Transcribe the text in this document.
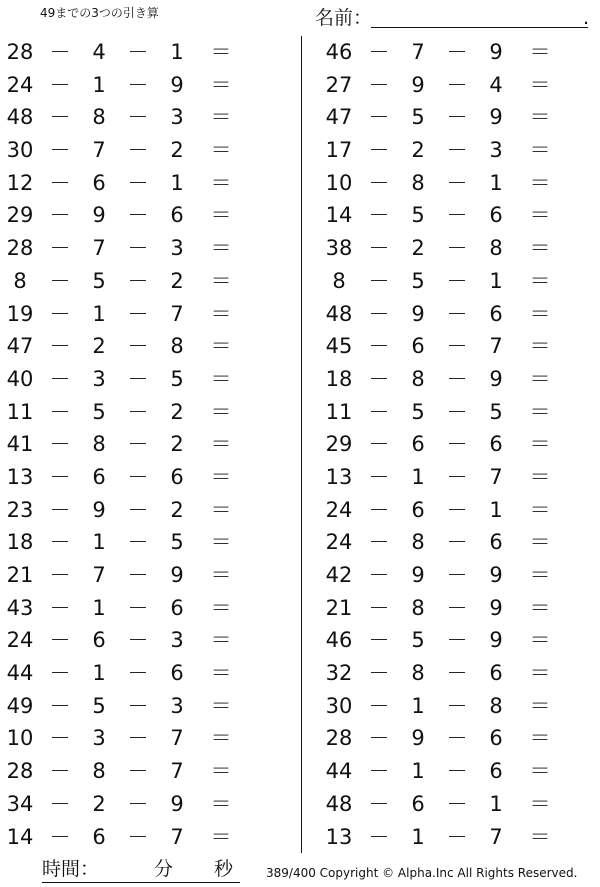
49までの3つの引き算	名前：	.
28 －	4	－	1	＝
24 －	1	－	9	＝
48 －	8	－	3	＝
30 －	7	－	2	＝
12 －	6	－	1	＝
29 －	9	－	6	＝
28 －	7	－	3	＝
8	－	5	－	2	＝
19 －	1	－	7	＝
47 －	2	－	8	＝
40 －	3	－	5	＝
11 －	5	－	2	＝
41 －	8	－	2	＝
13 －	6	－	6	＝
23 －	9	－	2	＝
18 －	1	－	5	＝
21 －	7	－	9	＝
43 －	1	－	6	＝
24 －	6	－	3	＝
44 －	1	－	6	＝
49 －	5	－	3	＝
10 －	3	－	7	＝
28 －	8	－	7	＝
34 －	2	－	9	＝
14 －	6	－	7	＝
46 －	7	－	9	＝
27 －	9	－	4	＝
47 －	5	－	9	＝
17 －	2	－	3	＝
10 －	8	－	1	＝
14 －	5	－	6	＝
38 －	2	－	8	＝
8	－	5	－	1	＝
48 －	9	－	6	＝
45 －	6	－	7	＝
18 －	8	－	9	＝
11 －	5	－	5	＝
29 －	6	－	6	＝
13 －	1	－	7	＝
24 －	6	－	1	＝
24 －	8	－	6	＝
42 －	9	－	9	＝
21 －	8	－	9	＝
46 －	5	－	9	＝
32 －	8	－	6	＝
30 －	1	－	8	＝
28 －	9	－	6	＝
44 －	1	－	6	＝
48 －	6	－	1	＝
13 －	1	－	7	＝
時間：	分 秒	389/400 Copyright © Alpha.Inc All Rights Reserved.
